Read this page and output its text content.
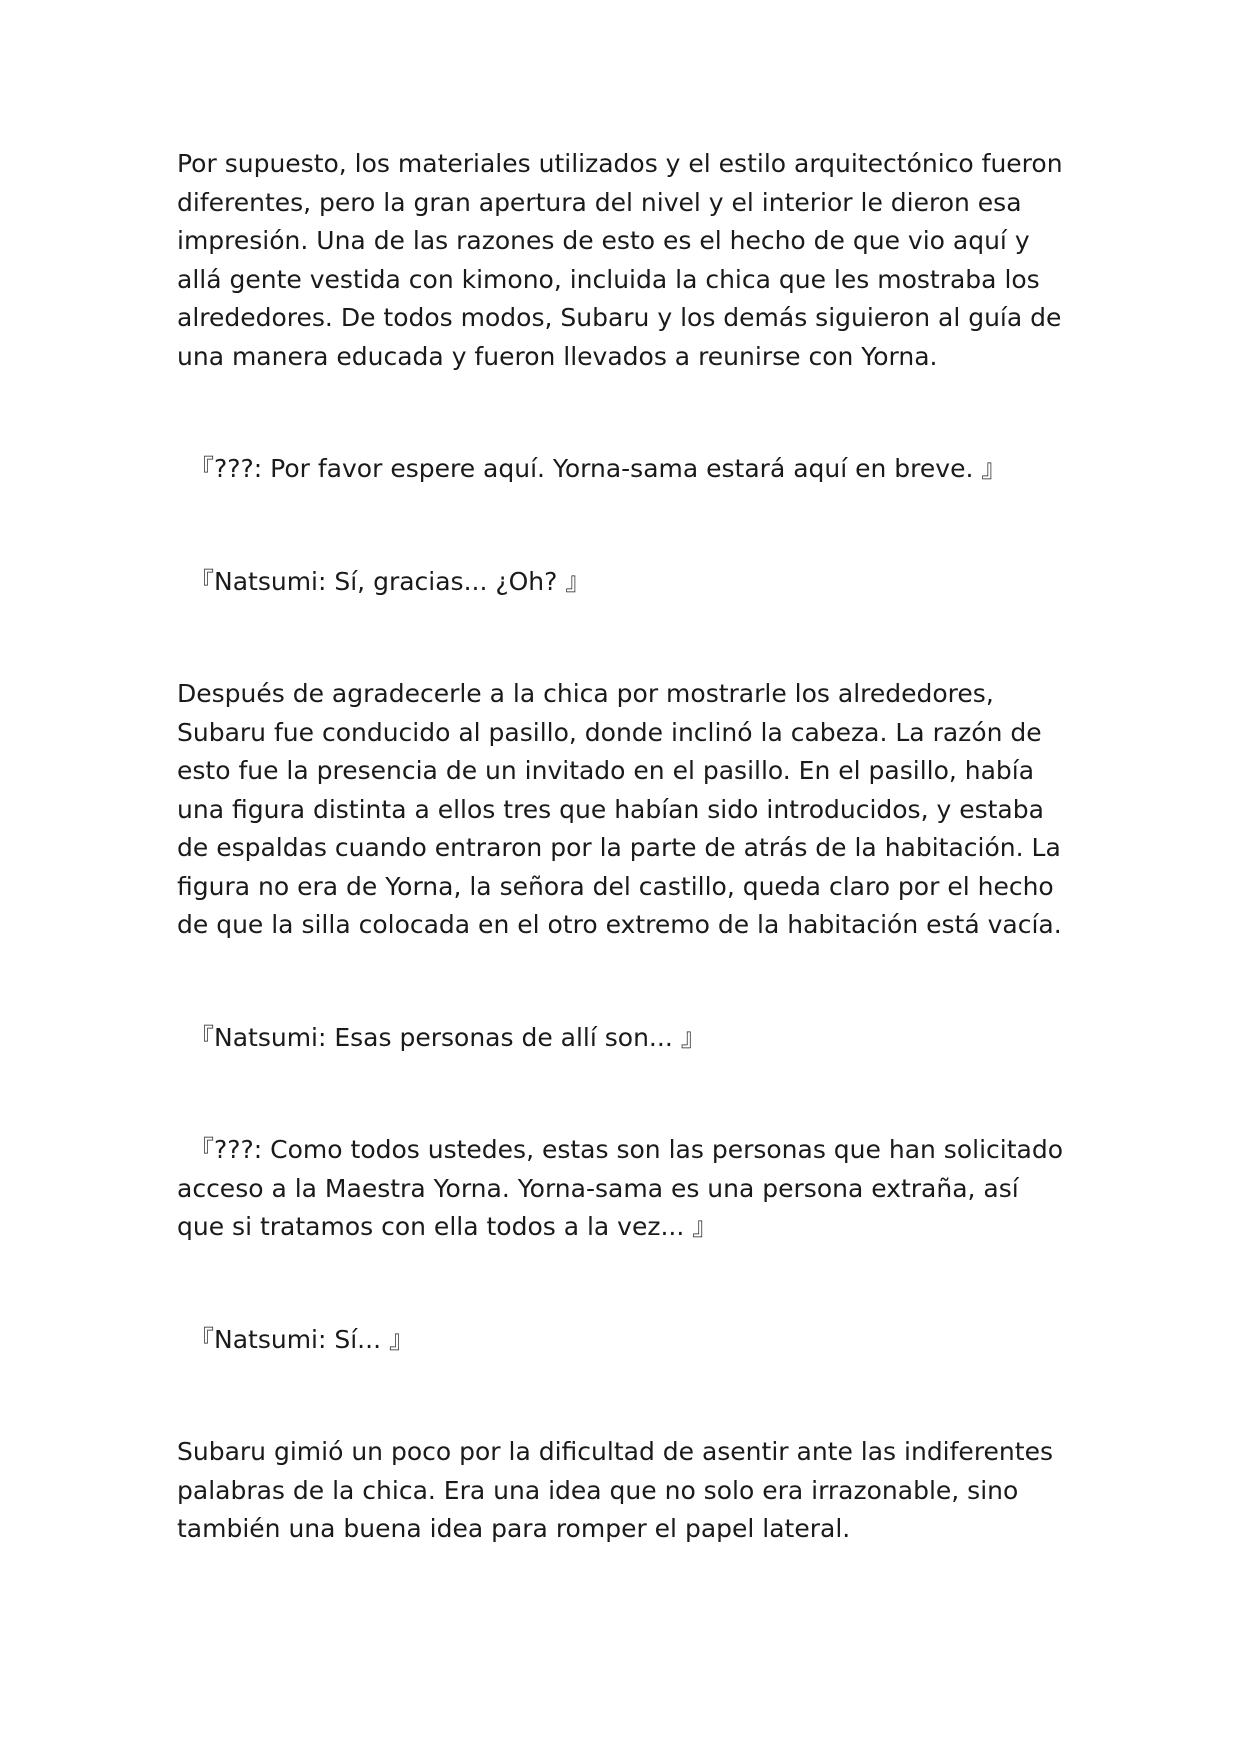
Por supuesto, los materiales utilizados y el estilo arquitectónico fueron diferentes, pero la gran apertura del nivel y el interior le dieron esa impresión. Una de las razones de esto es el hecho de que vio aquí y allá gente vestida con kimono, incluida la chica que les mostraba los alrededores. De todos modos, Subaru y los demás siguieron al guía de una manera educada y fueron llevados a reunirse con Yorna.

『???: Por favor espere aquí. Yorna-sama estará aquí en breve. 』

『Natsumi: Sí, gracias... ¿Oh? 』

Después de agradecerle a la chica por mostrarle los alrededores, Subaru fue conducido al pasillo, donde inclinó la cabeza. La razón de esto fue la presencia de un invitado en el pasillo. En el pasillo, había una figura distinta a ellos tres que habían sido introducidos, y estaba de espaldas cuando entraron por la parte de atrás de la habitación. La figura no era de Yorna, la señora del castillo, queda claro por el hecho de que la silla colocada en el otro extremo de la habitación está vacía.

『Natsumi: Esas personas de allí son... 』

『???: Como todos ustedes, estas son las personas que han solicitado acceso a la Maestra Yorna. Yorna-sama es una persona extraña, así que si tratamos con ella todos a la vez... 』

『Natsumi: Sí... 』

Subaru gimió un poco por la dificultad de asentir ante las indiferentes palabras de la chica. Era una idea que no solo era irrazonable, sino también una buena idea para romper el papel lateral.
